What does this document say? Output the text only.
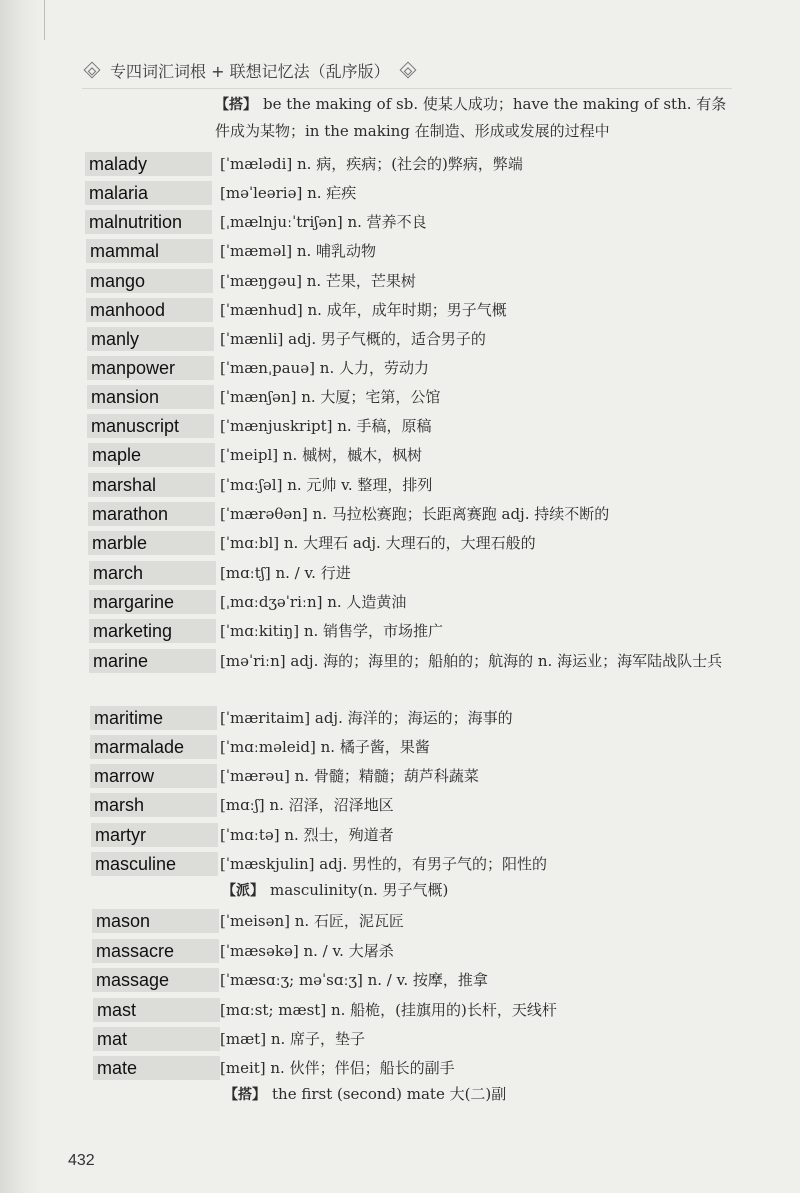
专四词汇词根 + 联想记忆法（乱序版）
【搭】 be the making of sb. 使某人成功；have the making of sth. 有条
件成为某物；in the making 在制造、形成或发展的过程中
malady	[ˈmælədi] n. 病，疾病；(社会的)弊病，弊端
malaria	[məˈleəriə] n. 疟疾
malnutrition	[ˌmælnjuːˈtriʃən] n. 营养不良
mammal	[ˈmæməl] n. 哺乳动物
mango	[ˈmæŋgəu] n. 芒果，芒果树
manhood	[ˈmænhud] n. 成年，成年时期；男子气概
manly	[ˈmænli] adj. 男子气概的，适合男子的
manpower	[ˈmænˌpauə] n. 人力，劳动力
mansion	[ˈmænʃən] n. 大厦；宅第，公馆
manuscript	[ˈmænjuskript] n. 手稿，原稿
maple	[ˈmeipl] n. 槭树，槭木，枫树
marshal	[ˈmɑːʃəl] n. 元帅 v. 整理，排列
marathon	[ˈmærəθən] n. 马拉松赛跑；长距离赛跑 adj. 持续不断的
marble	[ˈmɑːbl] n. 大理石 adj. 大理石的，大理石般的
march	[mɑːtʃ] n. / v. 行进
margarine	[ˌmɑːdʒəˈriːn] n. 人造黄油
marketing	[ˈmɑːkitiŋ] n. 销售学，市场推广
marine	[məˈriːn] adj. 海的；海里的；船舶的；航海的 n. 海运业；海军陆战队士兵
maritime	[ˈmæritaim] adj. 海洋的；海运的；海事的
marmalade	[ˈmɑːməleid] n. 橘子酱，果酱
marrow	[ˈmærəu] n. 骨髓；精髓；葫芦科蔬菜
marsh	[mɑːʃ] n. 沼泽，沼泽地区
martyr	[ˈmɑːtə] n. 烈士，殉道者
masculine	[ˈmæskjulin] adj. 男性的，有男子气的；阳性的
【派】 masculinity(n. 男子气概)
mason	[ˈmeisən] n. 石匠，泥瓦匠
massacre	[ˈmæsəkə] n. / v. 大屠杀
massage	[ˈmæsɑːʒ; məˈsɑːʒ] n. / v. 按摩，推拿
mast	[mɑːst; mæst] n. 船桅，(挂旗用的)长杆，天线杆
mat	[mæt] n. 席子，垫子
mate	[meit] n. 伙伴；伴侣；船长的副手
【搭】 the first (second) mate 大(二)副
432
